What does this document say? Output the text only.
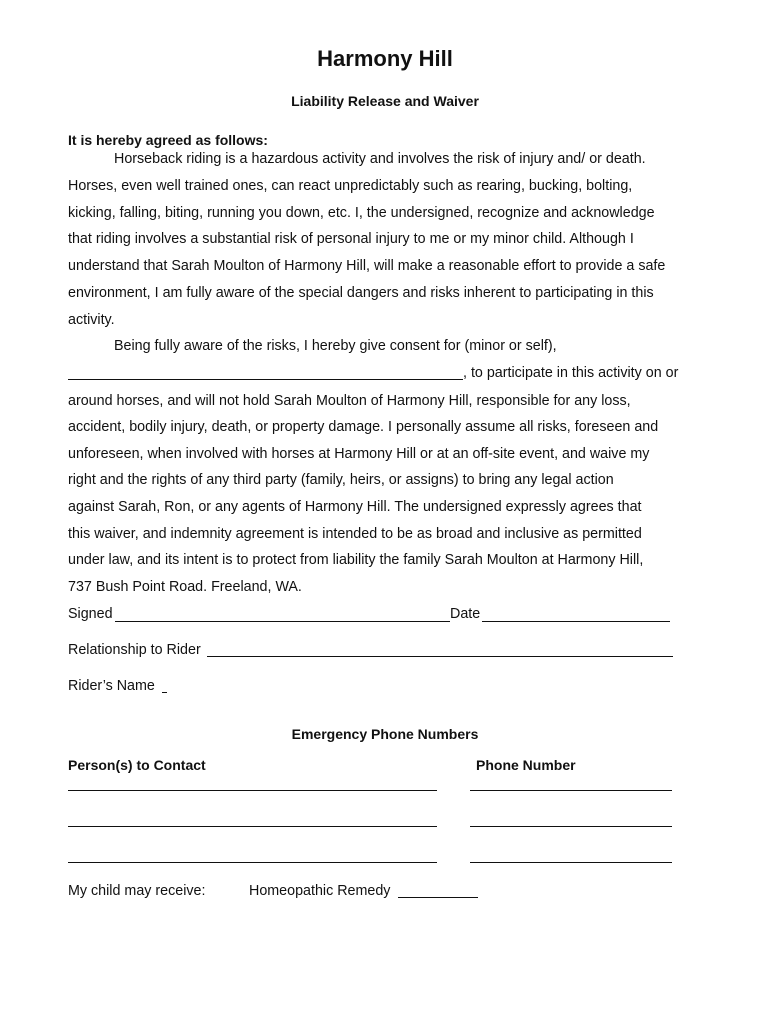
Harmony Hill
Liability Release and Waiver
It is hereby agreed as follows:
Horseback riding is a hazardous activity and involves the risk of injury and/ or death.
Horses, even well trained ones, can react unpredictably such as rearing, bucking, bolting,
kicking, falling, biting, running you down, etc. I, the undersigned, recognize and acknowledge
that riding involves a substantial risk of personal injury to me or my minor child. Although I
understand that Sarah Moulton of Harmony Hill, will make a reasonable effort to provide a safe
environment, I am fully aware of the special dangers and risks inherent to participating in this
activity.
Being fully aware of the risks, I hereby give consent for (minor or self),
, to participate in this activity on or
around horses, and will not hold Sarah Moulton of Harmony Hill, responsible for any loss,
accident, bodily injury, death, or property damage. I personally assume all risks, foreseen and
unforeseen, when involved with horses at Harmony Hill or at an off-site event, and waive my
right and the rights of any third party (family, heirs, or assigns) to bring any legal action
against Sarah, Ron, or any agents of Harmony Hill. The undersigned expressly agrees that
this waiver, and indemnity agreement is intended to be as broad and inclusive as permitted
under law, and its intent is to protect from liability the family Sarah Moulton at Harmony Hill,
737 Bush Point Road. Freeland, WA.
Signed	Date
Relationship to Rider
Rider’s Name
Emergency Phone Numbers
Person(s) to Contact	Phone Number
My child may receive:	Homeopathic Remedy
